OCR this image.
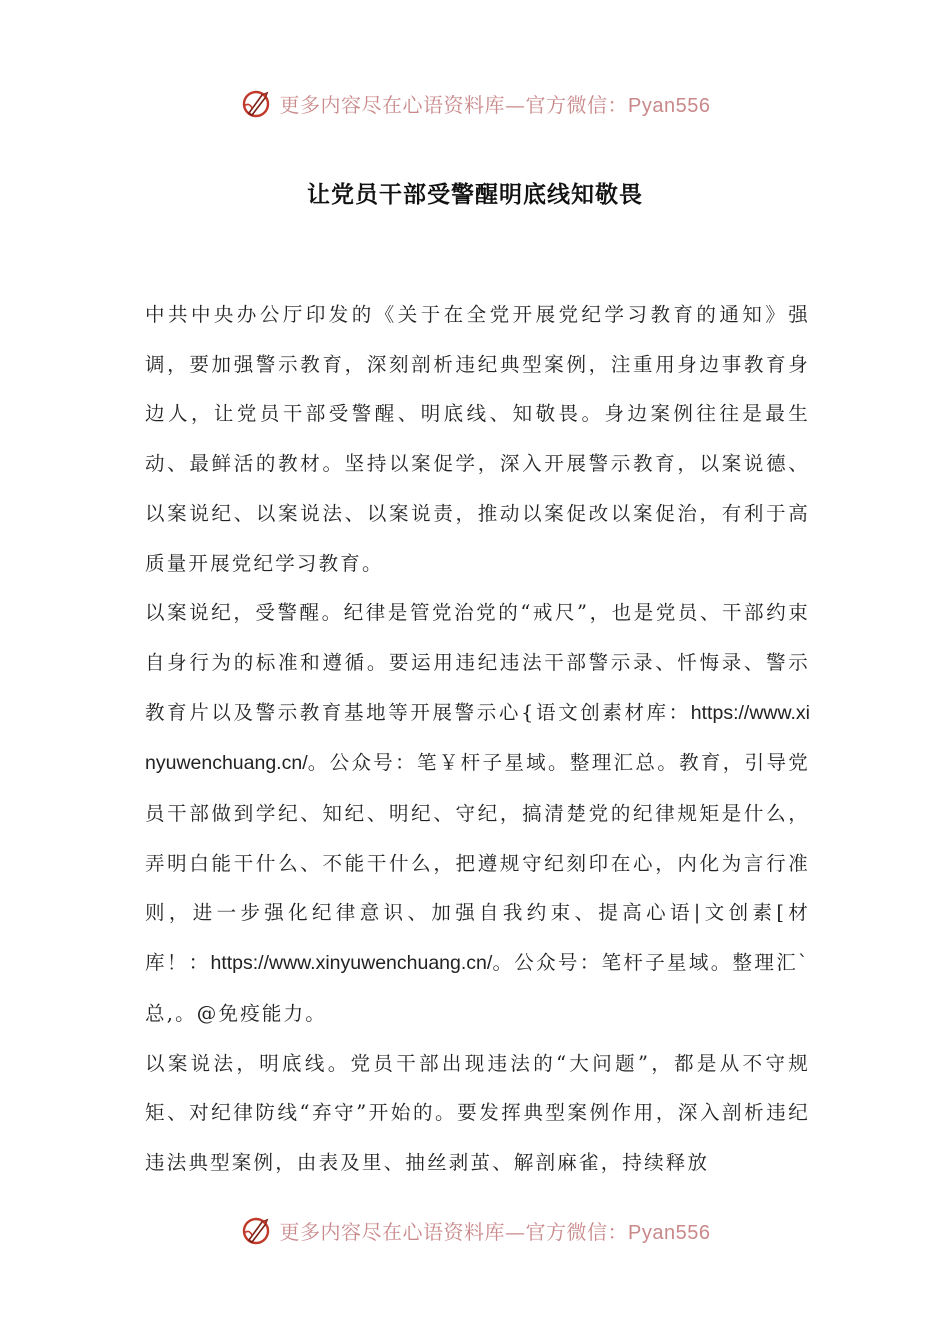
更多内容尽在心语资料库—官方微信：Pyan556
让党员干部受警醒明底线知敬畏

中共中央办公厅印发的《关于在全党开展党纪学习教育的通知》强调，要加强警示教育，深刻剖析违纪典型案例，注重用身边事教育身边人，让党员干部受警醒、明底线、知敬畏。身边案例往往是最生动、最鲜活的教材。坚持以案促学，深入开展警示教育，以案说德、以案说纪、以案说法、以案说责，推动以案促改以案促治，有利于高质量开展党纪学习教育。

以案说纪，受警醒。纪律是管党治党的“戒尺”，也是党员、干部约束自身行为的标准和遵循。要运用违纪违法干部警示录、忏悔录、警示教育片以及警示教育基地等开展警示心{语文创素材库：https://www.xinyuwenchuang.cn/。公众号：笔￥杆子星域。整理汇总。教育，引导党员干部做到学纪、知纪、明纪、守纪，搞清楚党的纪律规矩是什么，弄明白能干什么、不能干什么，把遵规守纪刻印在心，内化为言行准则，进一步强化纪律意识、加强自我约束、提高心语|文创素[材库！：https://www.xinyuwenchuang.cn/。公众号：笔杆子星域。整理汇`总,。@免疫能力。

以案说法，明底线。党员干部出现违法的“大问题”，都是从不守规矩、对纪律防线“弃守”开始的。要发挥典型案例作用，深入剖析违纪违法典型案例，由表及里、抽丝剥茧、解剖麻雀，持续释放

更多内容尽在心语资料库—官方微信：Pyan556
